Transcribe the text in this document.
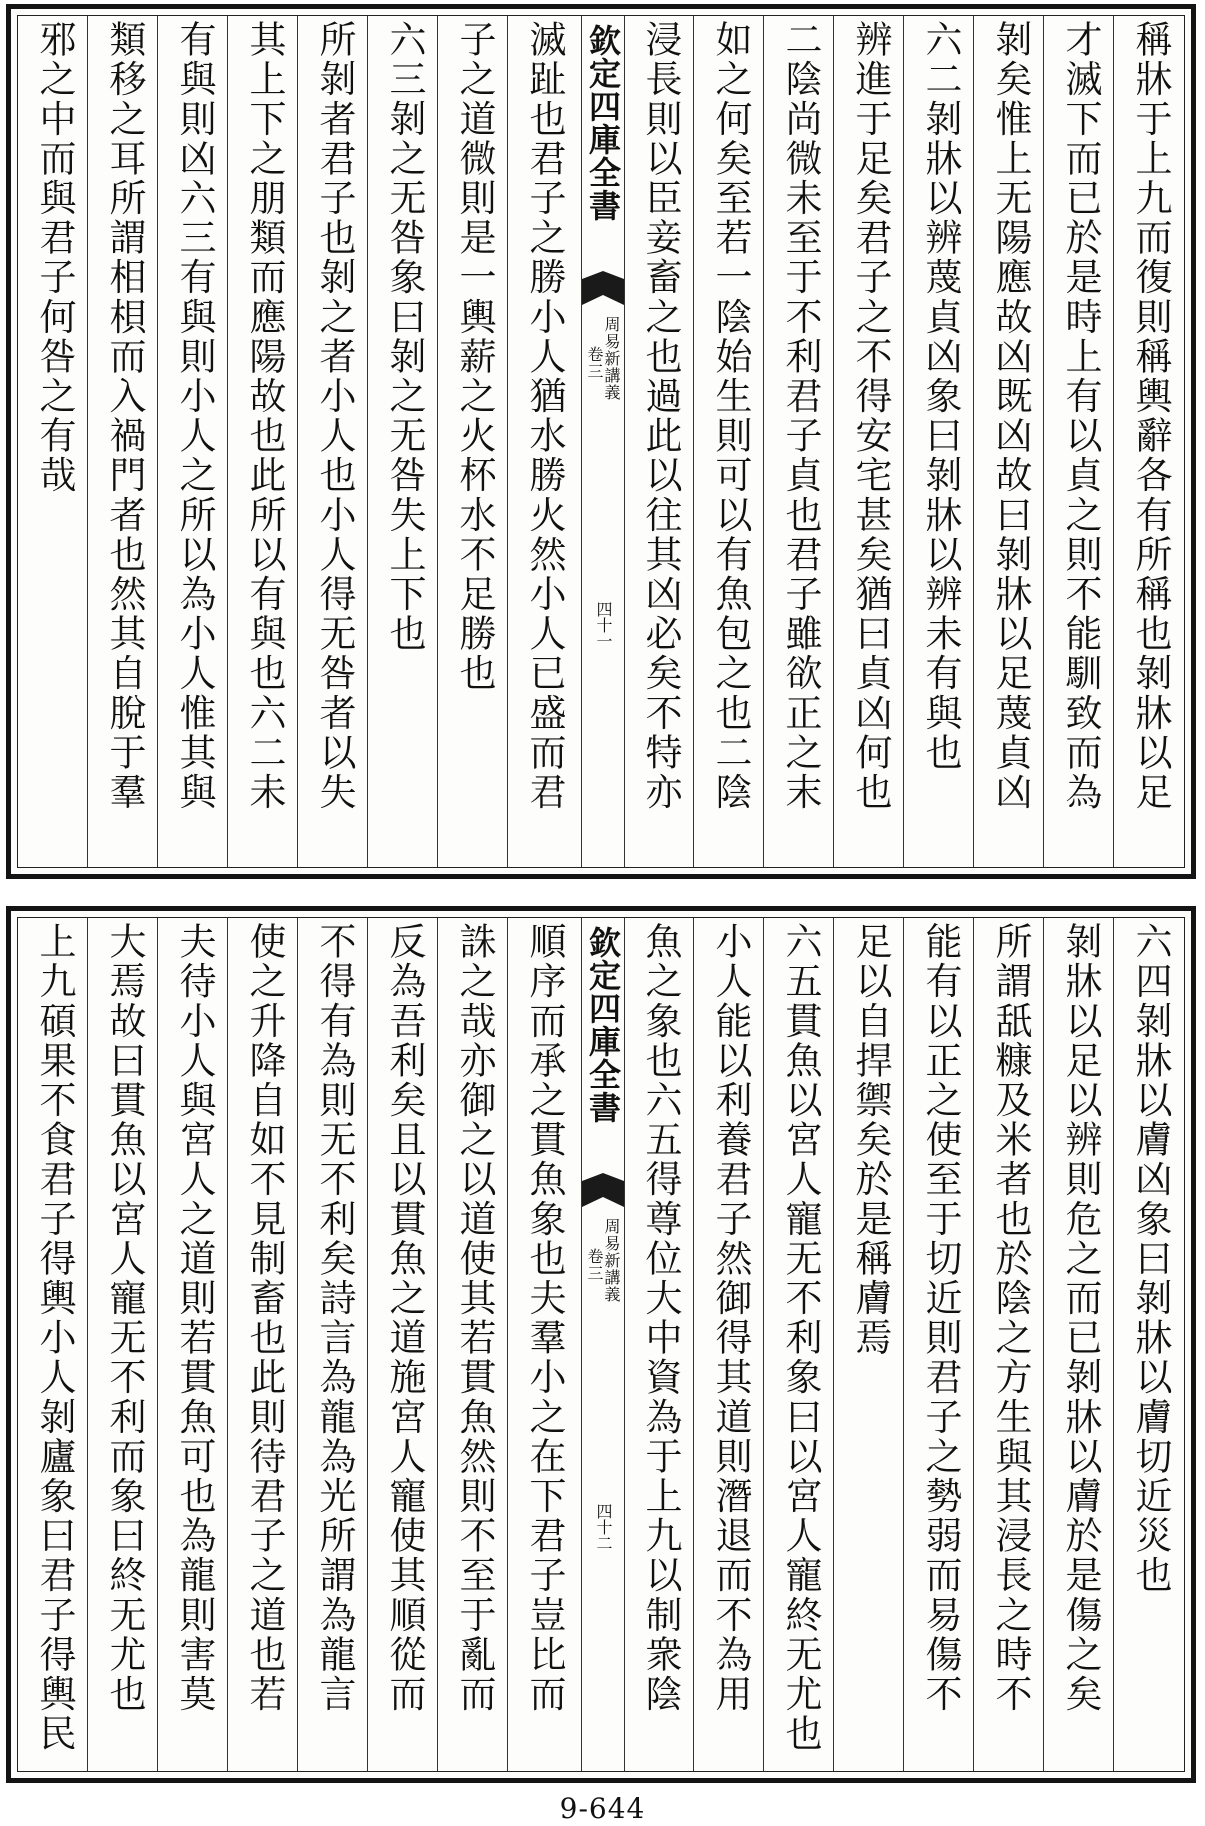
稱牀于上九而復則稱輿辭各有所稱也剝牀以足
才滅下而已於是時上有以貞之則不能馴致而為
剝矣惟上无陽應故凶既凶故曰剝牀以足蔑貞凶
六二剝牀以辨蔑貞凶象曰剝牀以辨未有與也
辨進于足矣君子之不得安宅甚矣猶曰貞凶何也
二陰尚微未至于不利君子貞也君子雖欲正之末
如之何矣至若一陰始生則可以有魚包之也二陰
浸長則以臣妾畜之也過此以往其凶必矣不特亦
欽定四庫全書
周易新講義
卷三
四十一
滅趾也君子之勝小人猶水勝火然小人已盛而君
子之道微則是一輿薪之火杯水不足勝也
六三剝之无咎象曰剝之无咎失上下也
所剝者君子也剝之者小人也小人得无咎者以失
其上下之朋類而應陽故也此所以有與也六二未
有與則凶六三有與則小人之所以為小人惟其與
類移之耳所謂相梖而入禍門者也然其自脫于羣
邪之中而與君子何咎之有哉
六四剝牀以膚凶象曰剝牀以膚切近災也
剝牀以足以辨則危之而已剝牀以膚於是傷之矣
所謂舐糠及米者也於陰之方生與其浸長之時不
能有以正之使至于切近則君子之勢弱而易傷不
足以自捍禦矣於是稱膚焉
六五貫魚以宮人寵无不利象曰以宮人寵終无尤也
小人能以利養君子然御得其道則潛退而不為用
魚之象也六五得尊位大中資為于上九以制衆陰
欽定四庫全書
周易新講義
卷三
四十二
順序而承之貫魚象也夫羣小之在下君子豈比而
誅之哉亦御之以道使其若貫魚然則不至于亂而
反為吾利矣且以貫魚之道施宮人寵使其順從而
不得有為則无不利矣詩言為龍為光所謂為龍言
使之升降自如不見制畜也此則待君子之道也若
夫待小人與宮人之道則若貫魚可也為龍則害莫
大焉故曰貫魚以宮人寵无不利而象曰終无尤也
上九碩果不食君子得輿小人剝廬象曰君子得輿民
9-644
